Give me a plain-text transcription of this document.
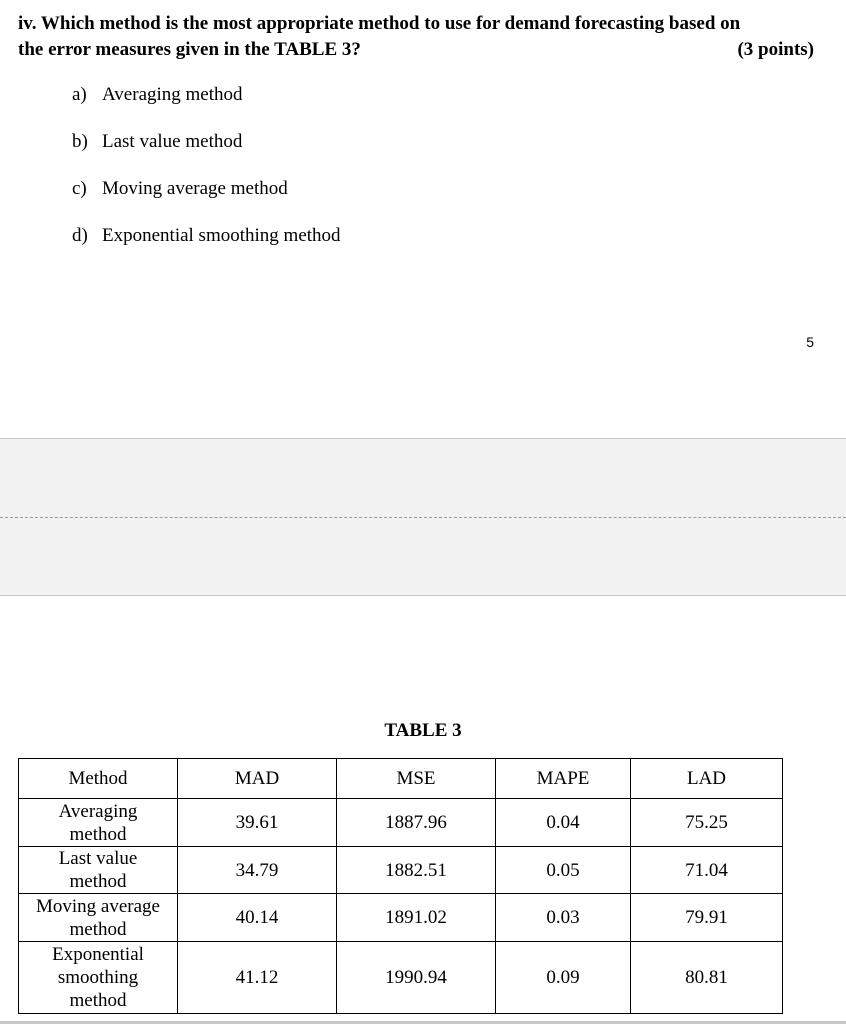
iv. Which method is the most appropriate method to use for demand forecasting based on
the error measures given in the TABLE 3?	(3 points)
a) Averaging method
b) Last value method
c) Moving average method
d) Exponential smoothing method
5
TABLE 3
Method	MAD	MSE	MAPE	LAD

Averaging
method	39.61	1887.96	0.04	75.25

Last value
method	34.79	1882.51	0.05	71.04

Moving average
method	40.14	1891.02	0.03	79.91

Exponential
smoothing
method	41.12	1990.94	0.09	80.81
